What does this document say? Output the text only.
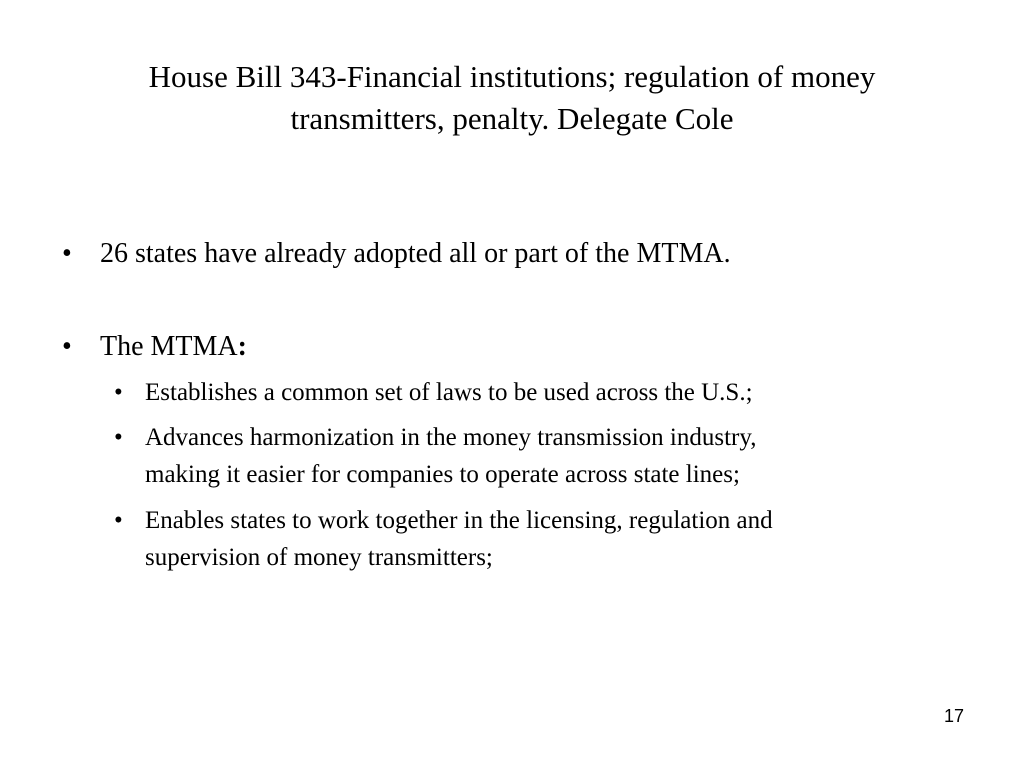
House Bill 343-Financial institutions; regulation of money
transmitters, penalty. Delegate Cole
• 26 states have already adopted all or part of the MTMA.
• The MTMA:
• Establishes a common set of laws to be used across the U.S.;
• Advances harmonization in the money transmission industry,
making it easier for companies to operate across state lines;
• Enables states to work together in the licensing, regulation and
supervision of money transmitters;
17
